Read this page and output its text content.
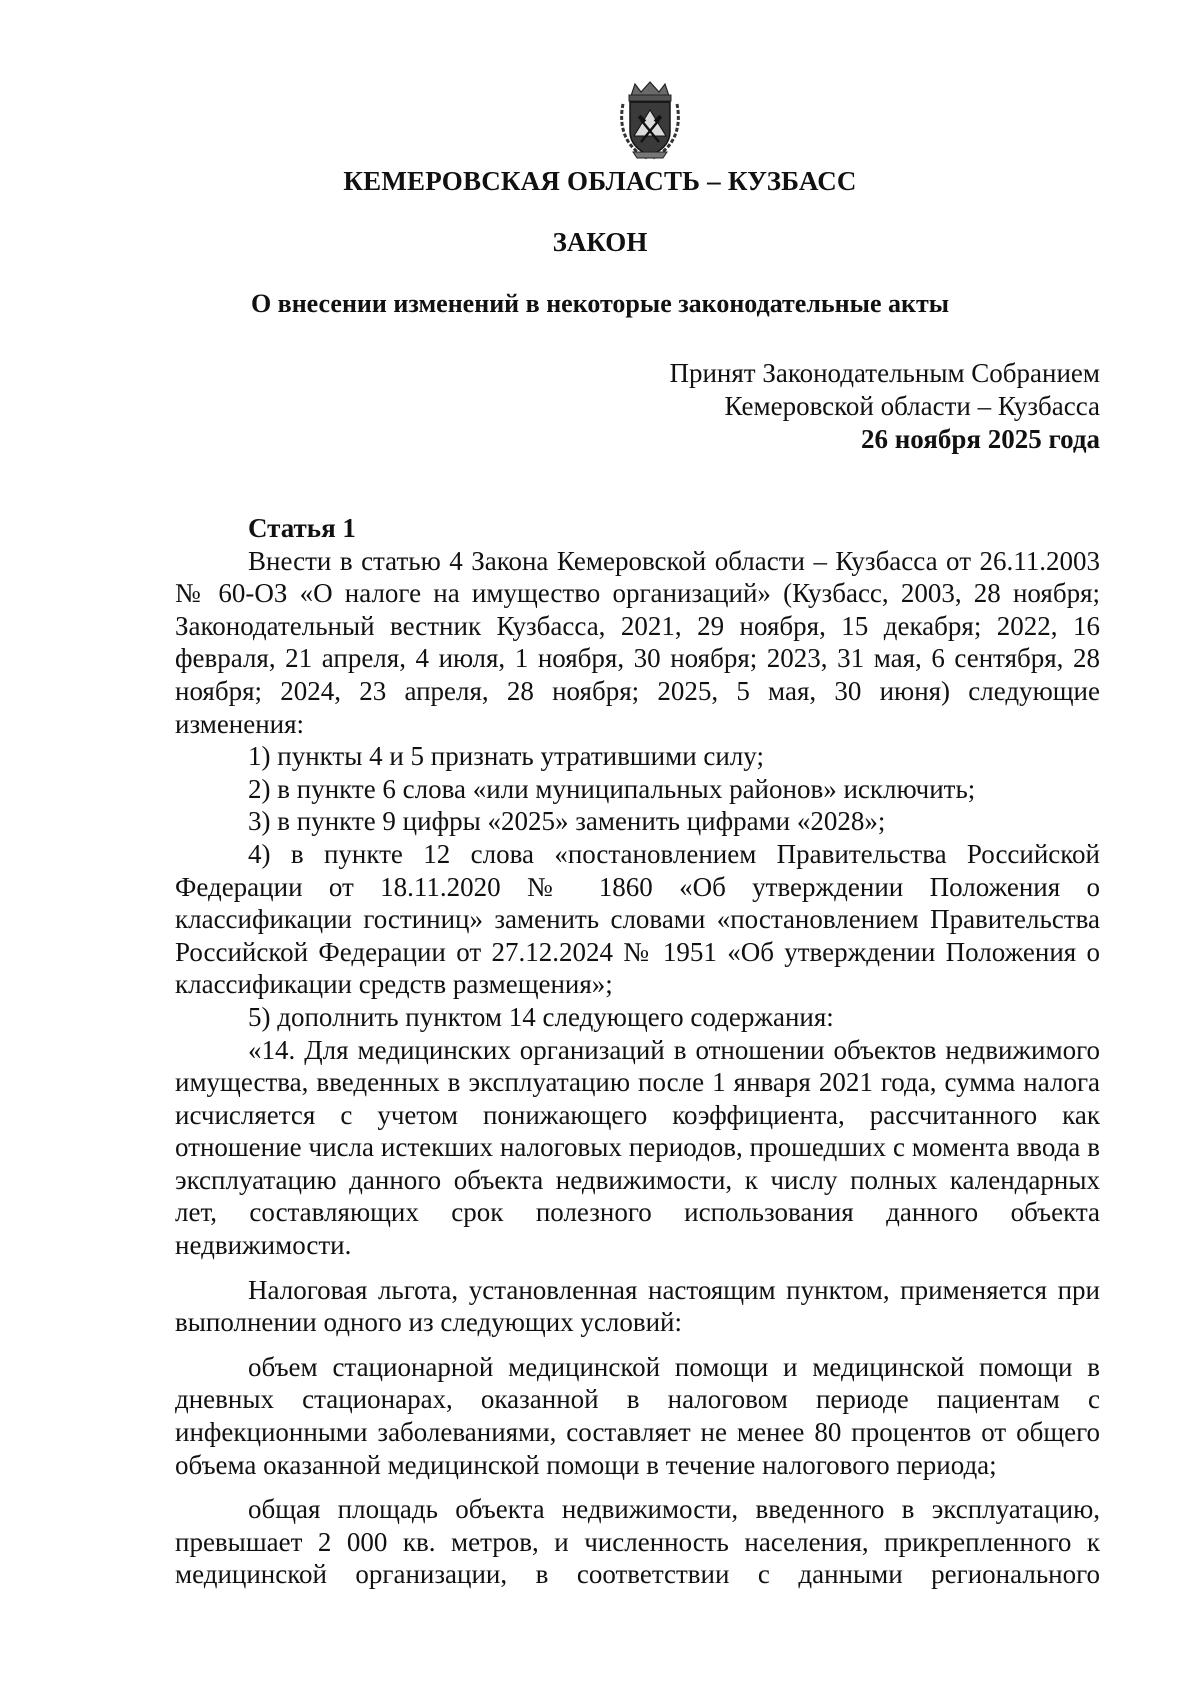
КЕМЕРОВСКАЯ ОБЛАСТЬ – КУЗБАСС
ЗАКОН
О внесении изменений в некоторые законодательные акты
Принят Законодательным Собранием
Кемеровской области – Кузбасса
26 ноября 2025 года

Статья 1

Внести в статью 4 Закона Кемеровской области – Кузбасса от 26.11.2003 № 60-ОЗ «О налоге на имущество организаций» (Кузбасс, 2003, 28 ноября; Законодательный вестник Кузбасса, 2021, 29 ноября, 15 декабря; 2022, 16 февраля, 21 апреля, 4 июля, 1 ноября, 30 ноября; 2023, 31 мая, 6 сентября, 28 ноября; 2024, 23 апреля, 28 ноября; 2025, 5 мая, 30 июня) следующие изменения:

1) пункты 4 и 5 признать утратившими силу;

2) в пункте 6 слова «или муниципальных районов» исключить;

3) в пункте 9 цифры «2025» заменить цифрами «2028»;

4) в пункте 12 слова «постановлением Правительства Российской Федерации от 18.11.2020 № 1860 «Об утверждении Положения о классификации гостиниц» заменить словами «постановлением Правительства Российской Федерации от 27.12.2024 № 1951 «Об утверждении Положения о классификации средств размещения»;

5) дополнить пунктом 14 следующего содержания:

«14. Для медицинских организаций в отношении объектов недвижимого имущества, введенных в эксплуатацию после 1 января 2021 года, сумма налога исчисляется с учетом понижающего коэффициента, рассчитанного как отношение числа истекших налоговых периодов, прошедших с момента ввода в эксплуатацию данного объекта недвижимости, к числу полных календарных лет, составляющих срок полезного использования данного объекта недвижимости.

Налоговая льгота, установленная настоящим пунктом, применяется при выполнении одного из следующих условий:

объем стационарной медицинской помощи и медицинской помощи в дневных стационарах, оказанной в налоговом периоде пациентам с инфекционными заболеваниями, составляет не менее 80 процентов от общего объема оказанной медицинской помощи в течение налогового периода;

общая площадь объекта недвижимости, введенного в эксплуатацию, превышает 2 000 кв. метров, и численность населения, прикрепленного к медицинской организации, в соответствии с данными регионального
